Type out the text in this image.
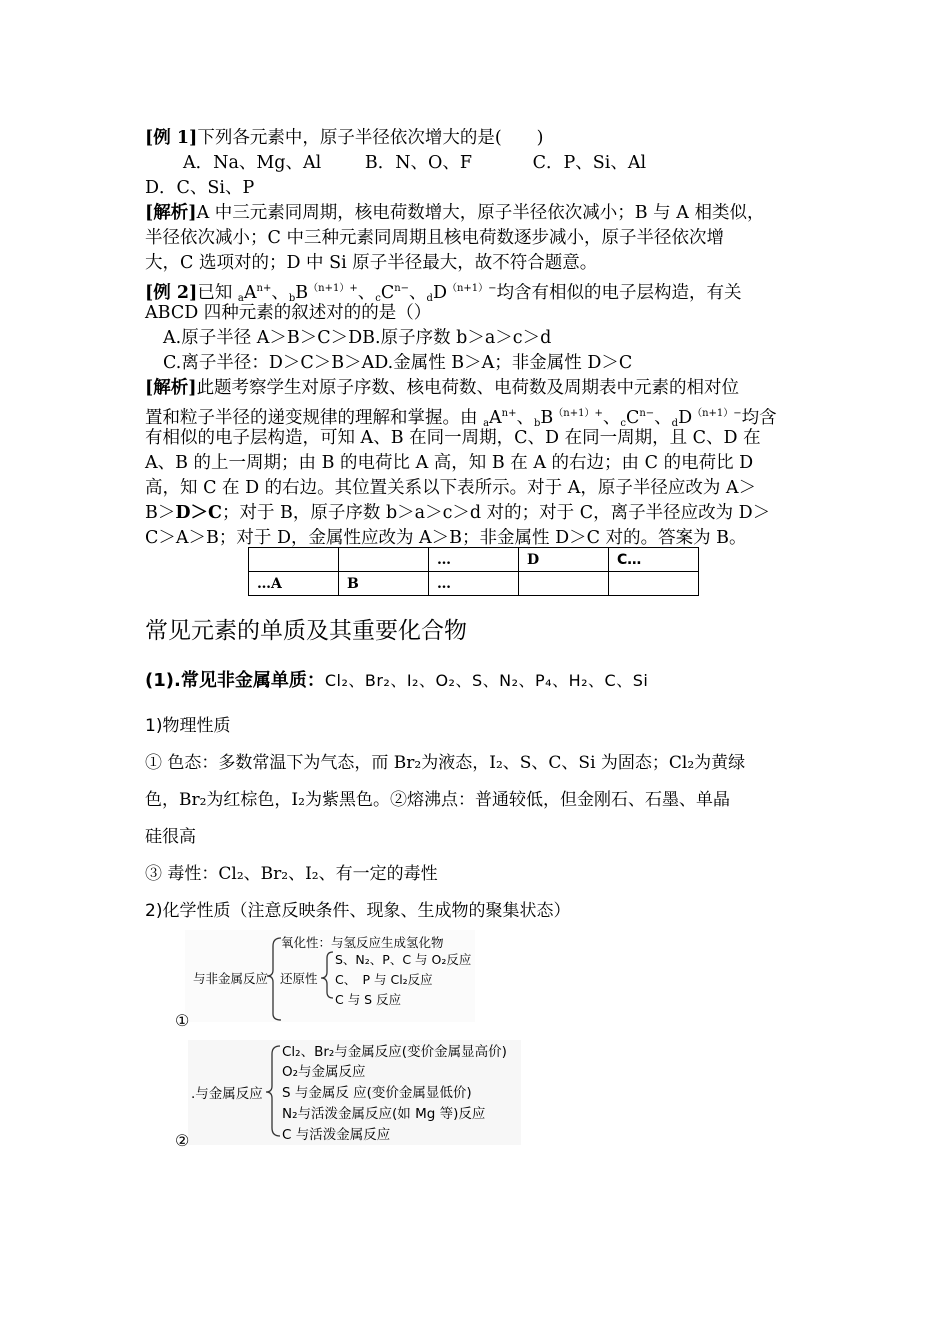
[例 1]下列各元素中，原子半径依次增大的是(　　)
A．Na、Mg、Al B．N、O、F	C．P、Si、Al
D．C、Si、P
[解析]A 中三元素同周期，核电荷数增大，原子半径依次减小；B 与 A 相类似，
半径依次减小；C 中三种元素同周期且核电荷数逐步减小，原子半径依次增
大，C 选项对的；D 中 Si 原子半径最大，故不符合题意。
[例 2]已知 $_aA^{n+}$、$_bB^{(n+1)+}$、$_cC^{n-}$、$_dD^{(n+1)-}$均含有相似的电子层构造，有关
ABCD 四种元素的叙述对的的是（）
A.原子半径 A＞B＞C＞DB.原子序数 b＞a＞c＞d
C.离子半径：D＞C＞B＞AD.金属性 B＞A；非金属性 D＞C
[解析]此题考察学生对原子序数、核电荷数、电荷数及周期表中元素的相对位
置和粒子半径的递变规律的理解和掌握。由 $_aA^{n+}$、$_bB^{(n+1)+}$、$_cC^{n-}$、$_dD^{(n+1)-}$均含
有相似的电子层构造，可知 A、B 在同一周期，C、D 在同一周期，且 C、D 在
A、B 的上一周期；由 B 的电荷比 A 高，知 B 在 A 的右边；由 C 的电荷比 D
高，知 C 在 D 的右边。其位置关系以下表所示。对于 A，原子半径应改为 A＞
B＞D＞C；对于 B，原子序数 b＞a＞c＞d 对的；对于 C，离子半径应改为 D＞
C＞A＞B；对于 D，金属性应改为 A＞B；非金属性 D＞C 对的。答案为 B。
		…	D	C…
…A	B	…		
常见元素的单质及其重要化合物
(1).常见非金属单质：Cl₂、Br₂、I₂、O₂、S、N₂、P₄、H₂、C、Si
1)物理性质
① 色态：多数常温下为气态，而 Br₂为液态，I₂、S、C、Si 为固态；Cl₂为黄绿
色，Br₂为红棕色，I₂为紫黑色。②熔沸点：普通较低，但金刚石、石墨、单晶
硅很高
③ 毒性：Cl₂、Br₂、I₂、有一定的毒性
2)化学性质（注意反映条件、现象、生成物的聚集状态）
与非金属反应
氧化性：与氢反应生成氢化物
还原性
S、N₂、P、C 与 O₂反应
C、　P 与 Cl₂反应
C 与 S 反应
①
.与金属反应
Cl₂、Br₂与金属反应(变价金属显高价)
O₂与金属反应
S 与金属反 应(变价金属显低价)
N₂与活泼金属反应(如 Mg 等)反应
C 与活泼金属反应
②
